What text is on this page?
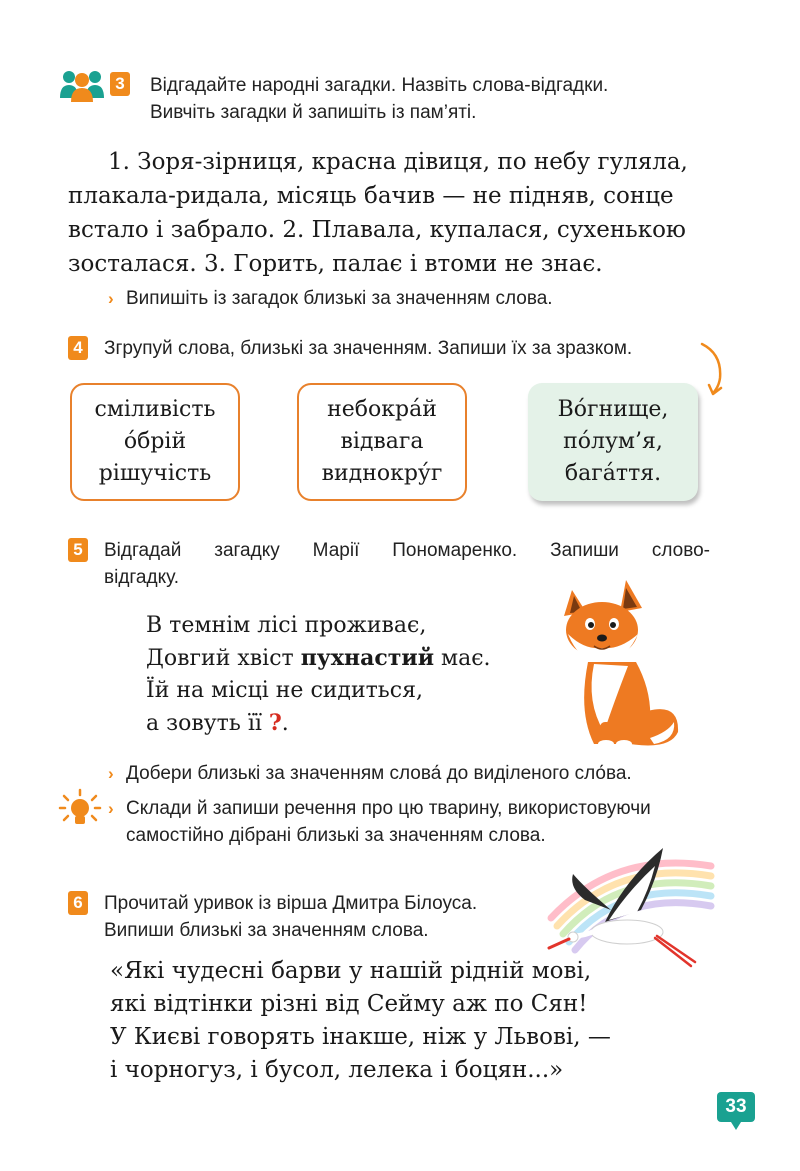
3 Відгадайте народні загадки. Назвіть слова-відгадки.
Вивчіть загадки й запишіть із пам’яті.
1. Зоря-зірниця, красна дівиця, по небу гуляла,
плакала-ридала, місяць бачив — не підняв, сонце
встало і забрало. 2. Плавала, купалася, сухенькою
зосталася. 3. Горить, палає і втоми не знає.
› Випишіть із загадок близькі за значенням слова.
4 Згрупуй слова, близькі за значенням. Запиши їх за зразком.
сміливість
о́брій
рішучість
небокра́й
відвага
виднокру́г
Во́гнище,
по́лум’я,
бага́ття.
5 Відгадай загадку Марії Пономаренко. Запиши слово-
відгадку.
В темнім лісі проживає,
Довгий хвіст пухнастий має.
Їй на місці не сидиться,
а зовуть її ?.
› Добери близькі за значенням слова́ до виділеного сло́ва.
› Склади й запиши речення про цю тварину, використовуючи
самостійно дібрані близькі за значенням слова.
6 Прочитай уривок із вірша Дмитра Білоуса.
Випиши близькі за значенням слова.
«Які чудесні барви у нашій рідній мові,
які відтінки різні від Сейму аж по Сян!
У Києві говорять інакше, ніж у Львові, —
і чорногуз, і бусол, лелека і боцян...»
33
